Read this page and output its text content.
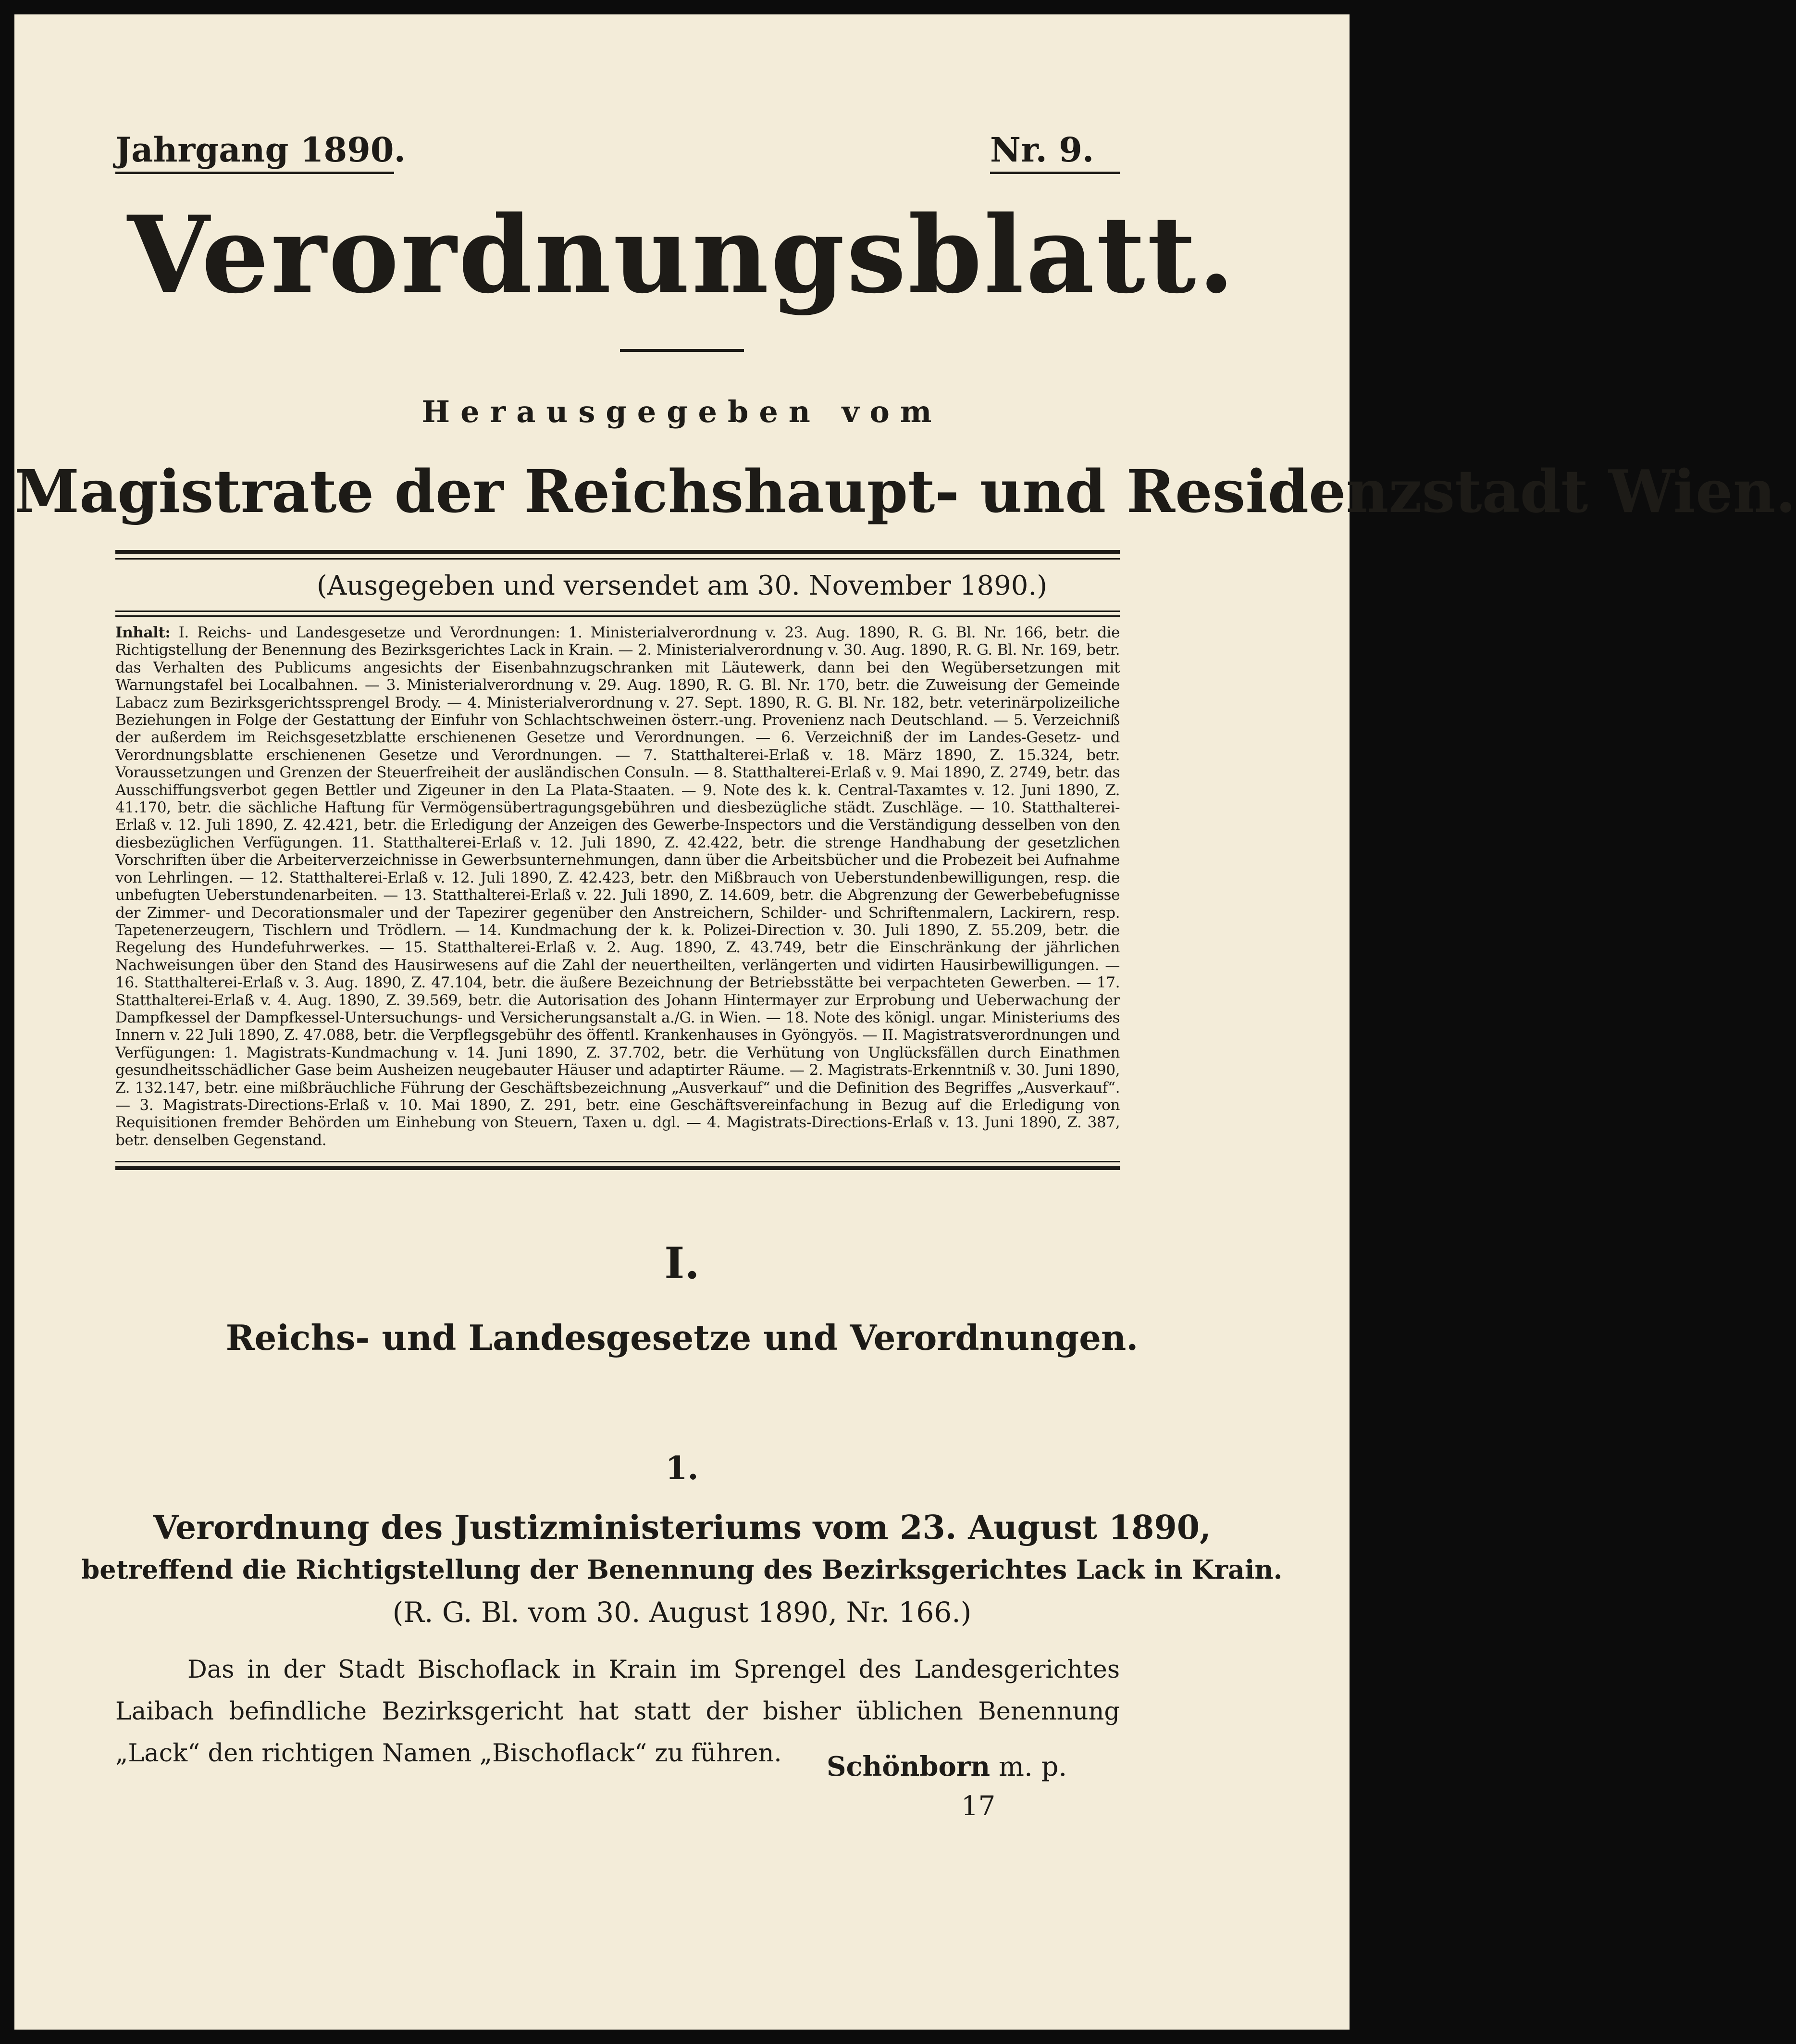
Jahrgang 1890.	Nr. 9.
Verordnungsblatt.
Herausgegeben vom
Magistrate der Reichshaupt- und Residenzstadt Wien.
(Ausgegeben und versendet am 30. November 1890.)

Inhalt: I. Reichs- und Landesgesetze und Verordnungen: 1. Ministerialverordnung v. 23. Aug. 1890, R. G. Bl. Nr. 166, betr. die Richtigstellung der Benennung des Bezirksgerichtes Lack in Krain. — 2. Ministerialverordnung v. 30. Aug. 1890, R. G. Bl. Nr. 169, betr. das Verhalten des Publicums angesichts der Eisenbahnzugschranken mit Läutewerk, dann bei den Wegübersetzungen mit Warnungstafel bei Localbahnen. — 3. Ministerialverordnung v. 29. Aug. 1890, R. G. Bl. Nr. 170, betr. die Zuweisung der Gemeinde Labacz zum Bezirksgerichtssprengel Brody. — 4. Ministerialverordnung v. 27. Sept. 1890, R. G. Bl. Nr. 182, betr. veterinärpolizeiliche Beziehungen in Folge der Gestattung der Einfuhr von Schlachtschweinen österr.-ung. Provenienz nach Deutschland. — 5. Verzeichniß der außerdem im Reichsgesetzblatte erschienenen Gesetze und Verordnungen. — 6. Verzeichniß der im Landes-Gesetz- und Verordnungsblatte erschienenen Gesetze und Verordnungen. — 7. Statthalterei-Erlaß v. 18. März 1890, Z. 15.324, betr. Voraussetzungen und Grenzen der Steuerfreiheit der ausländischen Consuln. — 8. Statthalterei-Erlaß v. 9. Mai 1890, Z. 2749, betr. das Ausschiffungsverbot gegen Bettler und Zigeuner in den La Plata-Staaten. — 9. Note des k. k. Central-Taxamtes v. 12. Juni 1890, Z. 41.170, betr. die sächliche Haftung für Vermögensübertragungsgebühren und diesbezügliche städt. Zuschläge. — 10. Statthalterei-Erlaß v. 12. Juli 1890, Z. 42.421, betr. die Erledigung der Anzeigen des Gewerbe-Inspectors und die Verständigung desselben von den diesbezüglichen Verfügungen. 11. Statthalterei-Erlaß v. 12. Juli 1890, Z. 42.422, betr. die strenge Handhabung der gesetzlichen Vorschriften über die Arbeiterverzeichnisse in Gewerbsunternehmungen, dann über die Arbeitsbücher und die Probezeit bei Aufnahme von Lehrlingen. — 12. Statthalterei-Erlaß v. 12. Juli 1890, Z. 42.423, betr. den Mißbrauch von Ueberstundenbewilligungen, resp. die unbefugten Ueberstundenarbeiten. — 13. Statthalterei-Erlaß v. 22. Juli 1890, Z. 14.609, betr. die Abgrenzung der Gewerbebefugnisse der Zimmer- und Decorationsmaler und der Tapezirer gegenüber den Anstreichern, Schilder- und Schriftenmalern, Lackirern, resp. Tapetenerzeugern, Tischlern und Trödlern. — 14. Kundmachung der k. k. Polizei-Direction v. 30. Juli 1890, Z. 55.209, betr. die Regelung des Hundefuhrwerkes. — 15. Statthalterei-Erlaß v. 2. Aug. 1890, Z. 43.749, betr die Einschränkung der jährlichen Nachweisungen über den Stand des Hausirwesens auf die Zahl der neuertheilten, verlängerten und vidirten Hausirbewilligungen. — 16. Statthalterei-Erlaß v. 3. Aug. 1890, Z. 47.104, betr. die äußere Bezeichnung der Betriebsstätte bei verpachteten Gewerben. — 17. Statthalterei-Erlaß v. 4. Aug. 1890, Z. 39.569, betr. die Autorisation des Johann Hintermayer zur Erprobung und Ueberwachung der Dampfkessel der Dampfkessel-Untersuchungs- und Versicherungsanstalt a./G. in Wien. — 18. Note des königl. ungar. Ministeriums des Innern v. 22 Juli 1890, Z. 47.088, betr. die Verpflegsgebühr des öffentl. Krankenhauses in Gyöngyös. — II. Magistratsverordnungen und Verfügungen: 1. Magistrats-Kundmachung v. 14. Juni 1890, Z. 37.702, betr. die Verhütung von Unglücksfällen durch Einathmen gesundheitsschädlicher Gase beim Ausheizen neugebauter Häuser und adaptirter Räume. — 2. Magistrats-Erkenntniß v. 30. Juni 1890, Z. 132.147, betr. eine mißbräuchliche Führung der Geschäftsbezeichnung „Ausverkauf“ und die Definition des Begriffes „Ausverkauf“. — 3. Magistrats-Directions-Erlaß v. 10. Mai 1890, Z. 291, betr. eine Geschäftsvereinfachung in Bezug auf die Erledigung von Requisitionen fremder Behörden um Einhebung von Steuern, Taxen u. dgl. — 4. Magistrats-Directions-Erlaß v. 13. Juni 1890, Z. 387, betr. denselben Gegenstand.

I.
Reichs- und Landesgesetze und Verordnungen.
1.
Verordnung des Justizministeriums vom 23. August 1890,
betreffend die Richtigstellung der Benennung des Bezirksgerichtes Lack in Krain.
(R. G. Bl. vom 30. August 1890, Nr. 166.)

Das in der Stadt Bischoflack in Krain im Sprengel des Landesgerichtes Laibach befindliche Bezirksgericht hat statt der bisher üblichen Benennung „Lack“ den richtigen Namen „Bischoflack“ zu führen.	Schönborn m. p.
17
